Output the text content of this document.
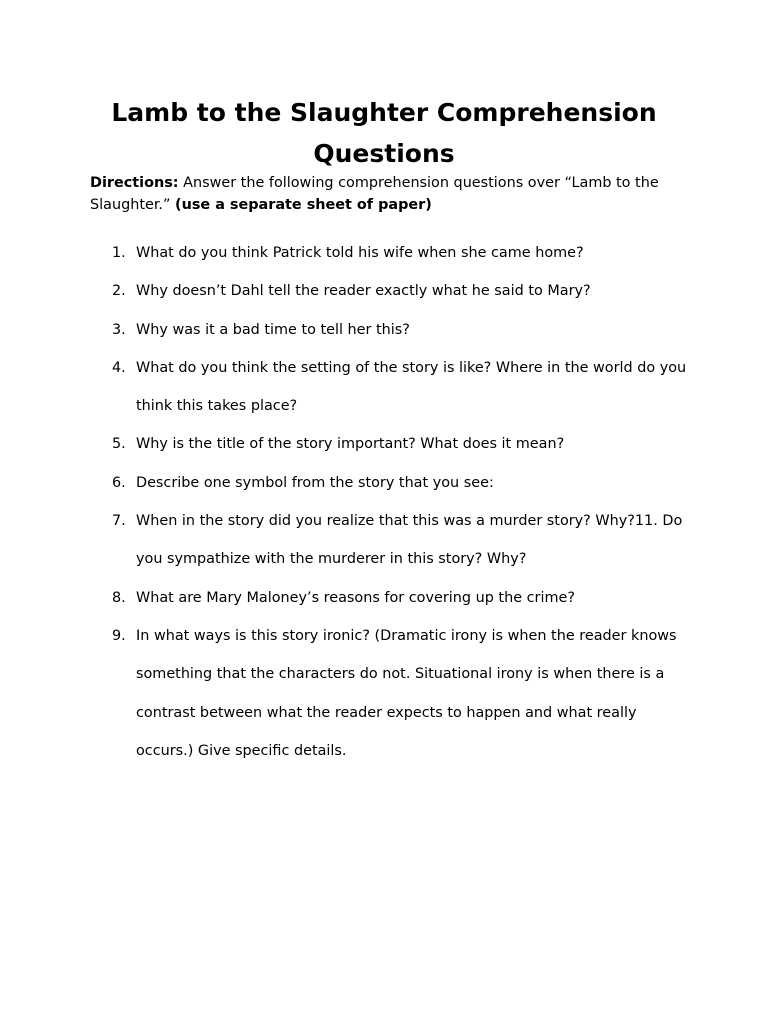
Lamb to the Slaughter Comprehension Questions

Directions: Answer the following comprehension questions over “Lamb to the Slaughter.” (use a separate sheet of paper)

1. What do you think Patrick told his wife when she came home?
2. Why doesn’t Dahl tell the reader exactly what he said to Mary?
3. Why was it a bad time to tell her this?
4. What do you think the setting of the story is like? Where in the world do you think this takes place?
5. Why is the title of the story important? What does it mean?
6. Describe one symbol from the story that you see:
7. When in the story did you realize that this was a murder story? Why?11. Do you sympathize with the murderer in this story? Why?
8. What are Mary Maloney’s reasons for covering up the crime?
9. In what ways is this story ironic? (Dramatic irony is when the reader knows something that the characters do not. Situational irony is when there is a contrast between what the reader expects to happen and what really occurs.) Give specific details.
